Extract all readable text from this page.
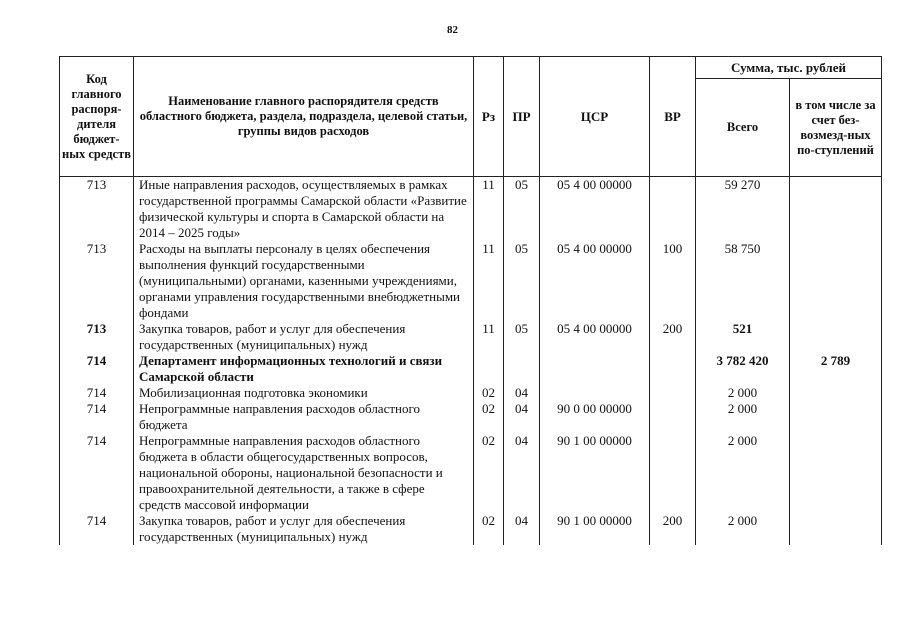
82
Код главного распоря-дителя бюджет-ных средств	Наименование главного распорядителя средств областного бюджета, раздела, подраздела, целевой статьи, группы видов расходов	Рз	ПР	ЦСР	ВР	Сумма, тыс. рублей	
						Всего	в том числе за счет без-возмезд-ных по-ступлений
713	Иные направления расходов, осуществляемых в рамках государственной программы Самарской области «Развитие физической культуры и спорта в Самарской области на 2014 – 2025 годы»	11	05	05 4 00 00000		59 270	
713	Расходы на выплаты персоналу в целях обеспечения выполнения функций государственными (муниципальными) органами, казенными учреждениями, органами управления государственными внебюджетными фондами	11	05	05 4 00 00000	100	58 750	
713	Закупка товаров, работ и услуг для обеспечения государственных (муниципальных) нужд	11	05	05 4 00 00000	200	521	
714	Департамент информационных технологий и связи Самарской области					3 782 420	2 789
714	Мобилизационная подготовка экономики	02	04			2 000	
714	Непрограммные направления расходов областного бюджета	02	04	90 0 00 00000		2 000	
714	Непрограммные направления расходов областного бюджета в области общегосударственных вопросов, национальной обороны, национальной безопасности и правоохранительной деятельности, а также в сфере средств массовой информации	02	04	90 1 00 00000		2 000	
714	Закупка товаров, работ и услуг для обеспечения государственных (муниципальных) нужд	02	04	90 1 00 00000	200	2 000	
